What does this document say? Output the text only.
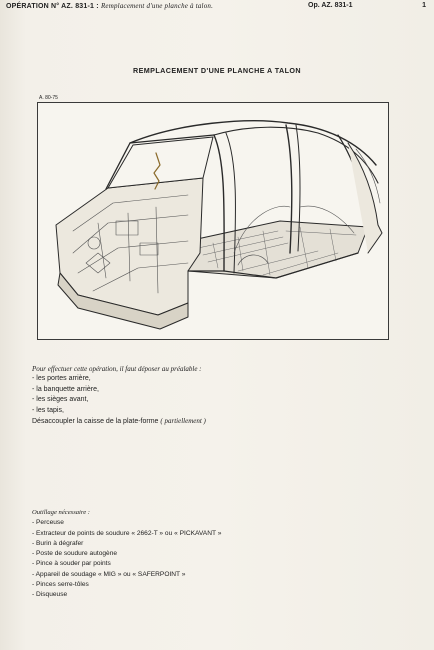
OPÉRATION N° AZ. 831-1 : Remplacement d'une planche à talon.	Op. AZ. 831-1	1
REMPLACEMENT D'UNE PLANCHE A TALON
A. 80-75
Pour effectuer cette opération, il faut déposer au préalable :
- les portes arrière,
- la banquette arrière,
- les sièges avant,
- les tapis,
Désaccoupler la caisse de la plate-forme ( partiellement )
Outillage nécessaire :
- Perceuse
- Extracteur de points de soudure « 2662-T » ou « PICKAVANT »
- Burin à dégrafer
- Poste de soudure autogène
- Pince à souder par points
- Appareil de soudage « MIG » ou « SAFERPOINT »
- Pinces serre-tôles
- Disqueuse
